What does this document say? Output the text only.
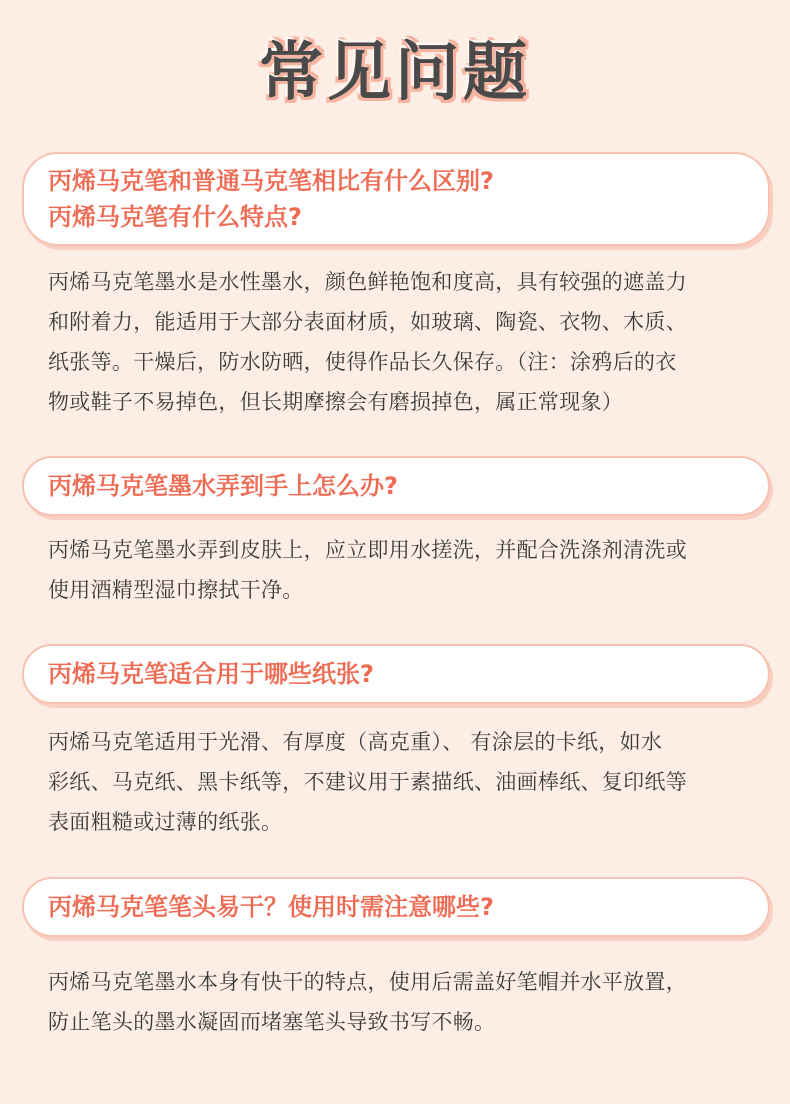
常见问题
丙烯马克笔和普通马克笔相比有什么区别?
丙烯马克笔有什么特点?

丙烯马克笔墨水是水性墨水，颜色鲜艳饱和度高，具有较强的遮盖力

和附着力，能适用于大部分表面材质，如玻璃、陶瓷、衣物、木质、

纸张等。干燥后，防水防晒，使得作品长久保存。（注：涂鸦后的衣

物或鞋子不易掉色，但长期摩擦会有磨损掉色，属正常现象）

丙烯马克笔墨水弄到手上怎么办?

丙烯马克笔墨水弄到皮肤上，应立即用水搓洗，并配合洗涤剂清洗或

使用酒精型湿巾擦拭干净。

丙烯马克笔适合用于哪些纸张?

丙烯马克笔适用于光滑、有厚度（高克重）、 有涂层的卡纸，如水

彩纸、马克纸、黑卡纸等，不建议用于素描纸、油画棒纸、复印纸等

表面粗糙或过薄的纸张。

丙烯马克笔笔头易干？使用时需注意哪些?

丙烯马克笔墨水本身有快干的特点，使用后需盖好笔帽并水平放置，

防止笔头的墨水凝固而堵塞笔头导致书写不畅。
